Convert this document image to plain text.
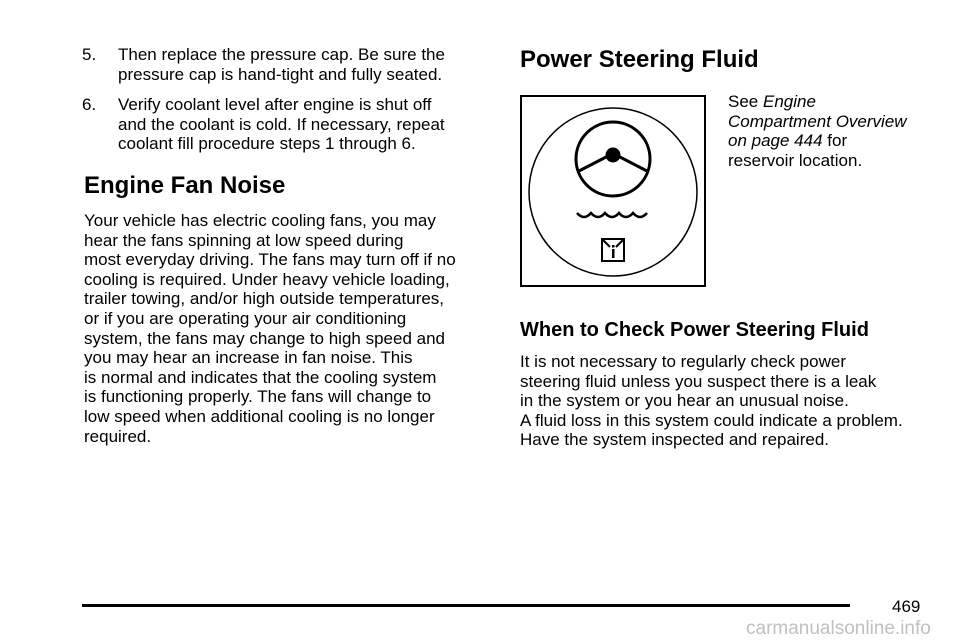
5. Then replace the pressure cap. Be sure the
pressure cap is hand-tight and fully seated.
6. Verify coolant level after engine is shut off
and the coolant is cold. If necessary, repeat
coolant fill procedure steps 1 through 6.
Engine Fan Noise
Your vehicle has electric cooling fans, you may
hear the fans spinning at low speed during
most everyday driving. The fans may turn off if no
cooling is required. Under heavy vehicle loading,
trailer towing, and/or high outside temperatures,
or if you are operating your air conditioning
system, the fans may change to high speed and
you may hear an increase in fan noise. This
is normal and indicates that the cooling system
is functioning properly. The fans will change to
low speed when additional cooling is no longer
required.
Power Steering Fluid
See Engine
Compartment Overview
on page 444 for
reservoir location.
When to Check Power Steering Fluid
It is not necessary to regularly check power
steering fluid unless you suspect there is a leak
in the system or you hear an unusual noise.
A fluid loss in this system could indicate a problem.
Have the system inspected and repaired.
469
carmanualsonline.info
